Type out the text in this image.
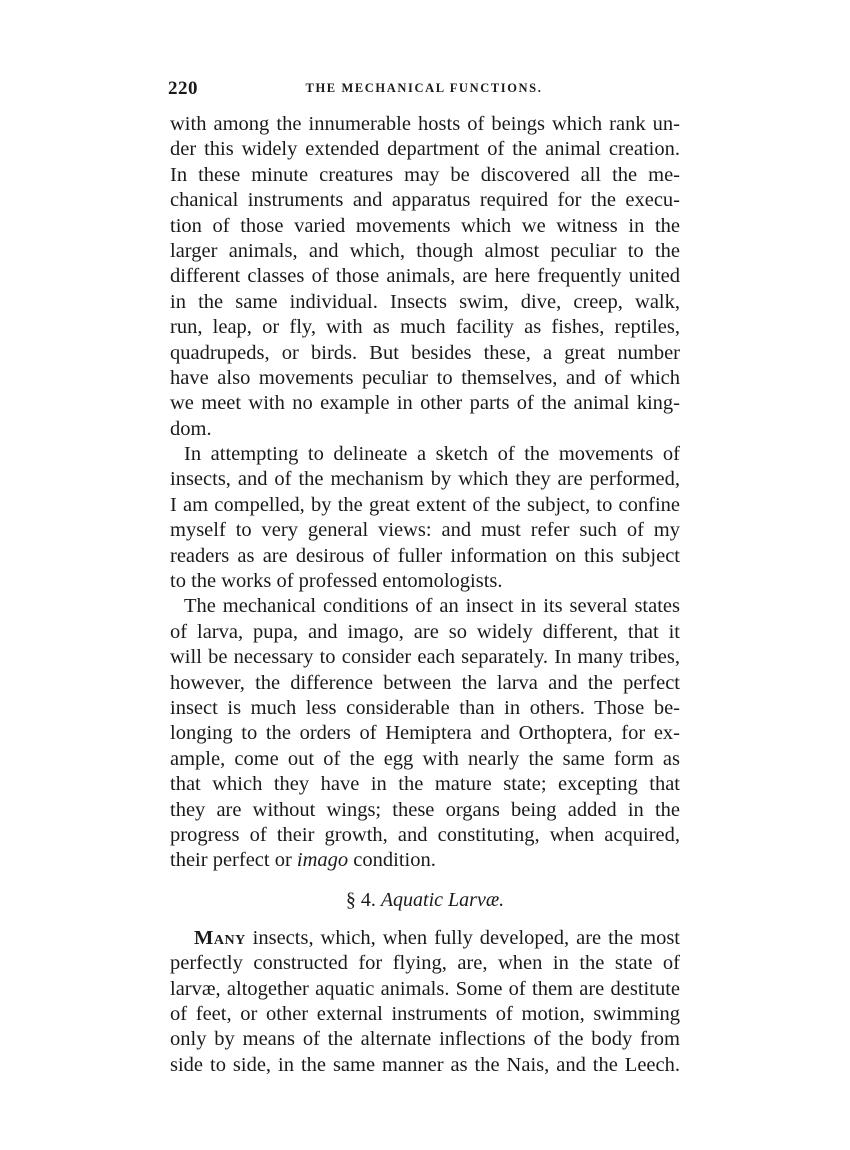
220	THE MECHANICAL FUNCTIONS.
with among the innumerable hosts of beings which rank un-
der this widely extended department of the animal creation.
In these minute creatures may be discovered all the me-
chanical instruments and apparatus required for the execu-
tion of those varied movements which we witness in the
larger animals, and which, though almost peculiar to the
different classes of those animals, are here frequently united
in the same individual. Insects swim, dive, creep, walk,
run, leap, or fly, with as much facility as fishes, reptiles,
quadrupeds, or birds. But besides these, a great number
have also movements peculiar to themselves, and of which
we meet with no example in other parts of the animal king-
dom.
In attempting to delineate a sketch of the movements of
insects, and of the mechanism by which they are performed,
I am compelled, by the great extent of the subject, to confine
myself to very general views: and must refer such of my
readers as are desirous of fuller information on this subject
to the works of professed entomologists.
The mechanical conditions of an insect in its several states
of larva, pupa, and imago, are so widely different, that it
will be necessary to consider each separately. In many tribes,
however, the difference between the larva and the perfect
insect is much less considerable than in others. Those be-
longing to the orders of Hemiptera and Orthoptera, for ex-
ample, come out of the egg with nearly the same form as
that which they have in the mature state; excepting that
they are without wings; these organs being added in the
progress of their growth, and constituting, when acquired,
their perfect or imago condition.
§ 4. Aquatic Larvæ.
Many insects, which, when fully developed, are the most
perfectly constructed for flying, are, when in the state of
larvæ, altogether aquatic animals. Some of them are destitute
of feet, or other external instruments of motion, swimming
only by means of the alternate inflections of the body from
side to side, in the same manner as the Nais, and the Leech.
